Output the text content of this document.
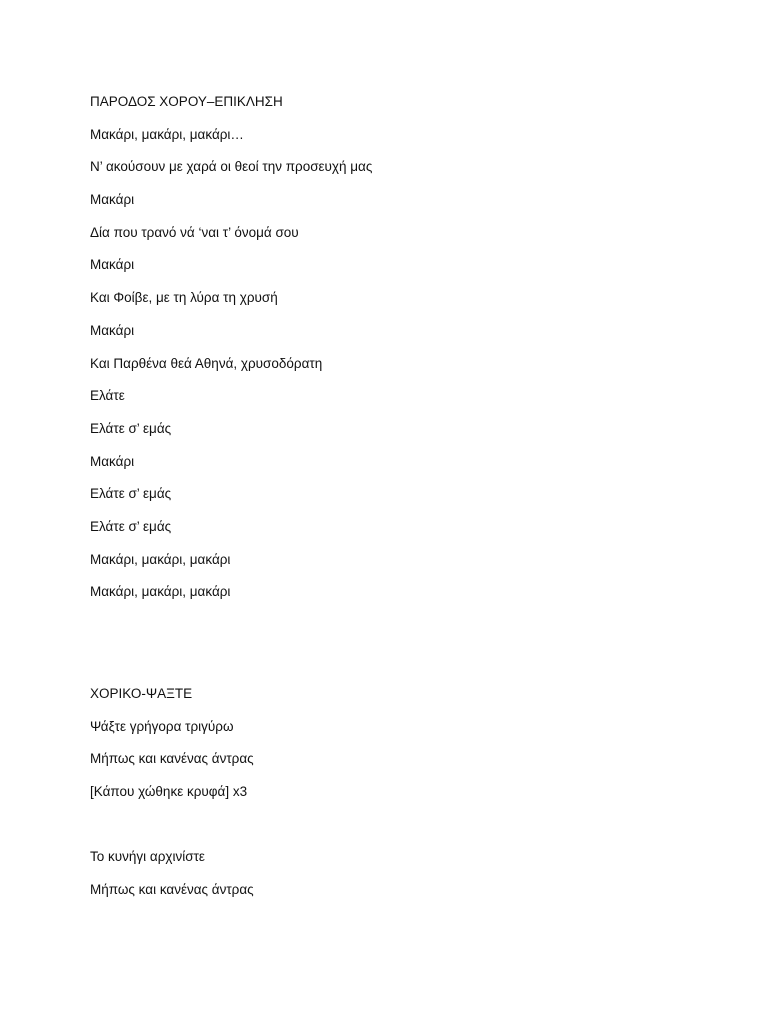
ΠΑΡΟΔΟΣ ΧΟΡΟΥ–ΕΠΙΚΛΗΣΗ
Μακάρι, μακάρι, μακάρι…
Ν’ ακούσουν με χαρά οι θεοί την προσευχή μας
Μακάρι
Δία που τρανό νά ‘ναι τ’ όνομά σου
Μακάρι
Και Φοίβε, με τη λύρα τη χρυσή
Μακάρι
Και Παρθένα θεά Αθηνά, χρυσοδόρατη
Ελάτε
Ελάτε σ’ εμάς
Μακάρι
Ελάτε σ’ εμάς
Ελάτε σ’ εμάς
Μακάρι, μακάρι, μακάρι
Μακάρι, μακάρι, μακάρι
ΧΟΡΙΚΟ-ΨΑΞΤΕ
Ψάξτε γρήγορα τριγύρω
Μήπως και κανένας άντρας
[Κάπου χώθηκε κρυφά] x3
Το κυνήγι αρχινίστε
Μήπως και κανένας άντρας
